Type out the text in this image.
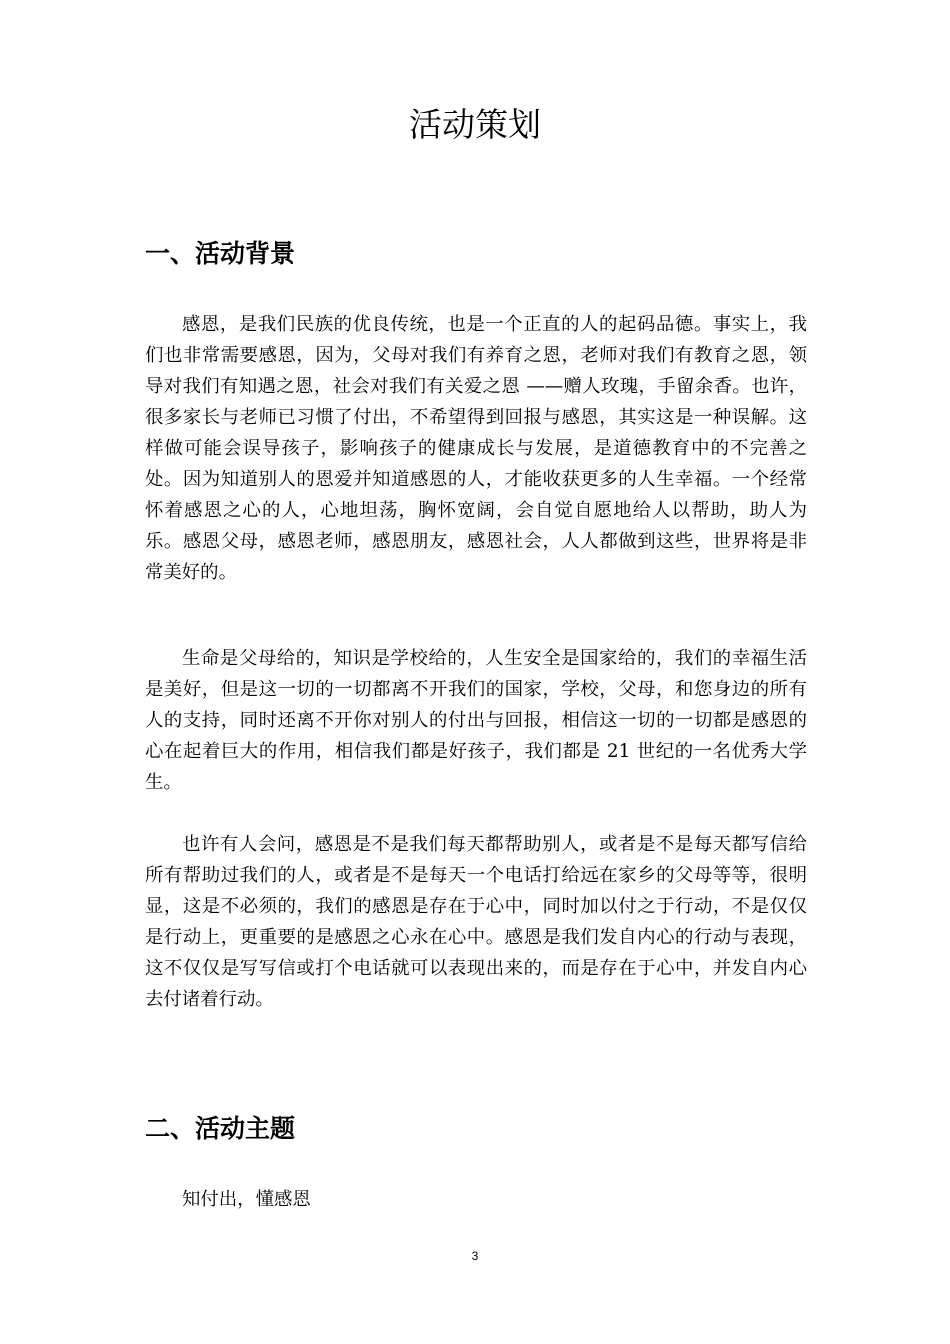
活动策划
一、活动背景

感恩，是我们民族的优良传统，也是一个正直的人的起码品德。事实上，我们也非常需要感恩，因为，父母对我们有养育之恩，老师对我们有教育之恩，领导对我们有知遇之恩，社会对我们有关爱之恩 ——赠人玫瑰，手留余香。也许，很多家长与老师已习惯了付出，不希望得到回报与感恩，其实这是一种误解。这样做可能会误导孩子，影响孩子的健康成长与发展，是道德教育中的不完善之处。因为知道别人的恩爱并知道感恩的人，才能收获更多的人生幸福。一个经常怀着感恩之心的人，心地坦荡，胸怀宽阔，会自觉自愿地给人以帮助，助人为乐。感恩父母，感恩老师，感恩朋友，感恩社会，人人都做到这些，世界将是非常美好的。

生命是父母给的，知识是学校给的，人生安全是国家给的，我们的幸福生活是美好，但是这一切的一切都离不开我们的国家，学校，父母，和您身边的所有人的支持，同时还离不开你对别人的付出与回报，相信这一切的一切都是感恩的心在起着巨大的作用，相信我们都是好孩子，我们都是 21 世纪的一名优秀大学生。

也许有人会问，感恩是不是我们每天都帮助别人，或者是不是每天都写信给所有帮助过我们的人，或者是不是每天一个电话打给远在家乡的父母等等，很明显，这是不必须的，我们的感恩是存在于心中，同时加以付之于行动，不是仅仅是行动上，更重要的是感恩之心永在心中。感恩是我们发自内心的行动与表现，这不仅仅是写写信或打个电话就可以表现出来的，而是存在于心中，并发自内心去付诸着行动。

二、活动主题

知付出，懂感恩

3
